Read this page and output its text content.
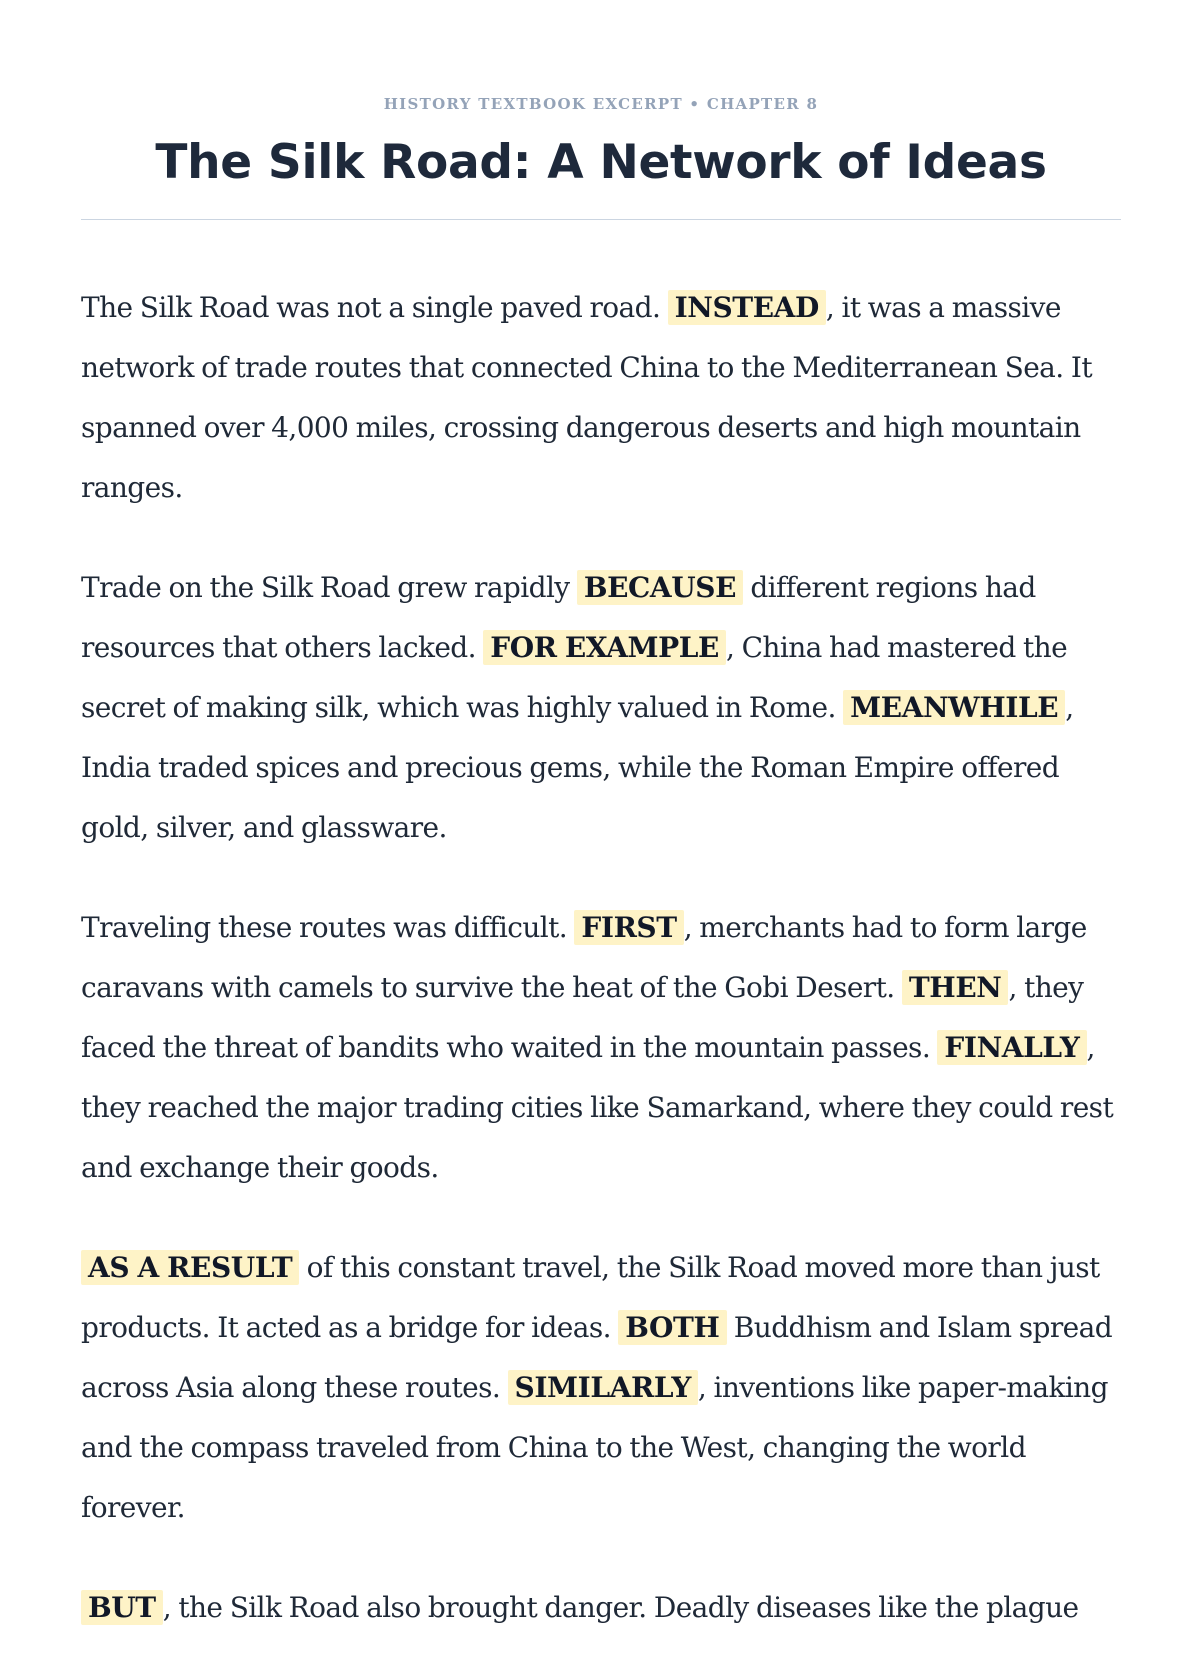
HISTORY TEXTBOOK EXCERPT • CHAPTER 8
The Silk Road: A Network of Ideas

The Silk Road was not a single paved road. INSTEAD , it was a massive network of trade routes that connected China to the Mediterranean Sea. It spanned over 4,000 miles, crossing dangerous deserts and high mountain ranges.

Trade on the Silk Road grew rapidly BECAUSE different regions had resources that others lacked. FOR EXAMPLE , China had mastered the secret of making silk, which was highly valued in Rome. MEANWHILE , India traded spices and precious gems, while the Roman Empire offered gold, silver, and glassware.

Traveling these routes was difficult. FIRST , merchants had to form large caravans with camels to survive the heat of the Gobi Desert. THEN , they faced the threat of bandits who waited in the mountain passes. FINALLY , they reached the major trading cities like Samarkand, where they could rest and exchange their goods.

AS A RESULT of this constant travel, the Silk Road moved more than just products. It acted as a bridge for ideas. BOTH Buddhism and Islam spread across Asia along these routes. SIMILARLY , inventions like paper-making and the compass traveled from China to the West, changing the world forever.

BUT , the Silk Road also brought danger. Deadly diseases like the plague
